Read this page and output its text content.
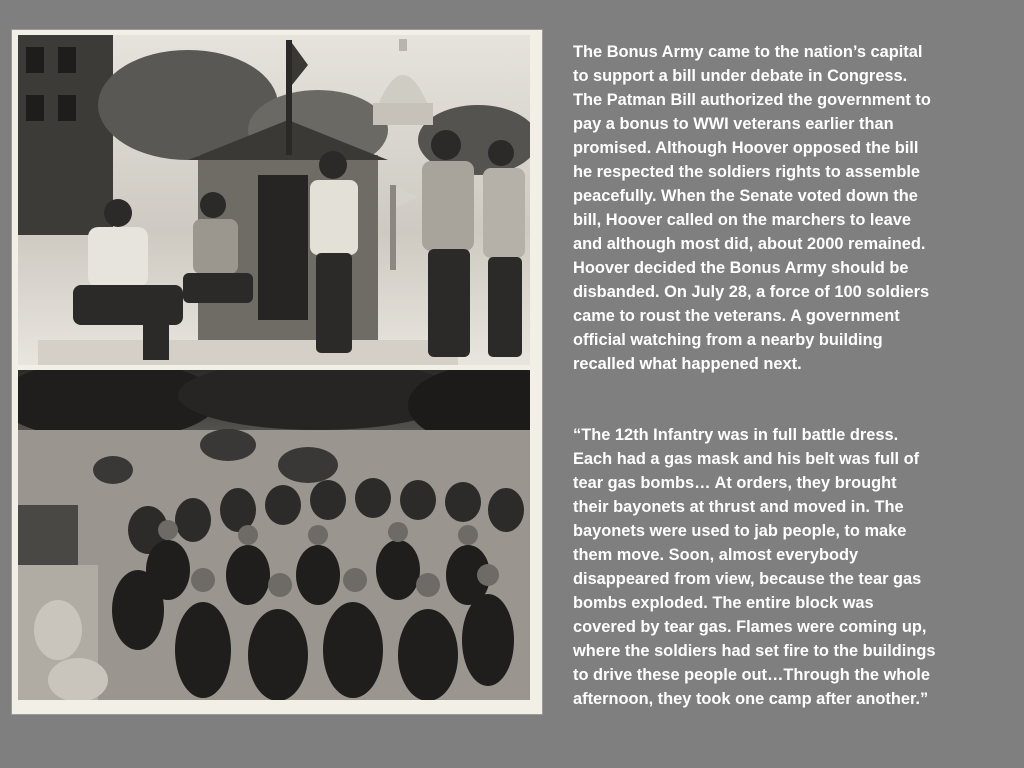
The Bonus Army came to the nation’s capital

to support a bill under debate in Congress.

The Patman Bill authorized the government to

pay a bonus to WWI veterans earlier than

promised. Although Hoover opposed the bill

he respected the soldiers rights to assemble

peacefully. When the Senate voted down the

bill, Hoover called on the marchers to leave

and although most did, about 2000 remained.

Hoover decided the Bonus Army should be

disbanded. On July 28, a force of 100 soldiers

came to roust the veterans. A government

official watching from a nearby building

recalled what happened next.

“The 12th Infantry was in full battle dress.

Each had a gas mask and his belt was full of

tear gas bombs… At orders, they brought

their bayonets at thrust and moved in. The

bayonets were used to jab people, to make

them move. Soon, almost everybody

disappeared from view, because the tear gas

bombs exploded. The entire block was

covered by tear gas. Flames were coming up,

where the soldiers had set fire to the buildings

to drive these people out…Through the whole

afternoon, they took one camp after another.”
